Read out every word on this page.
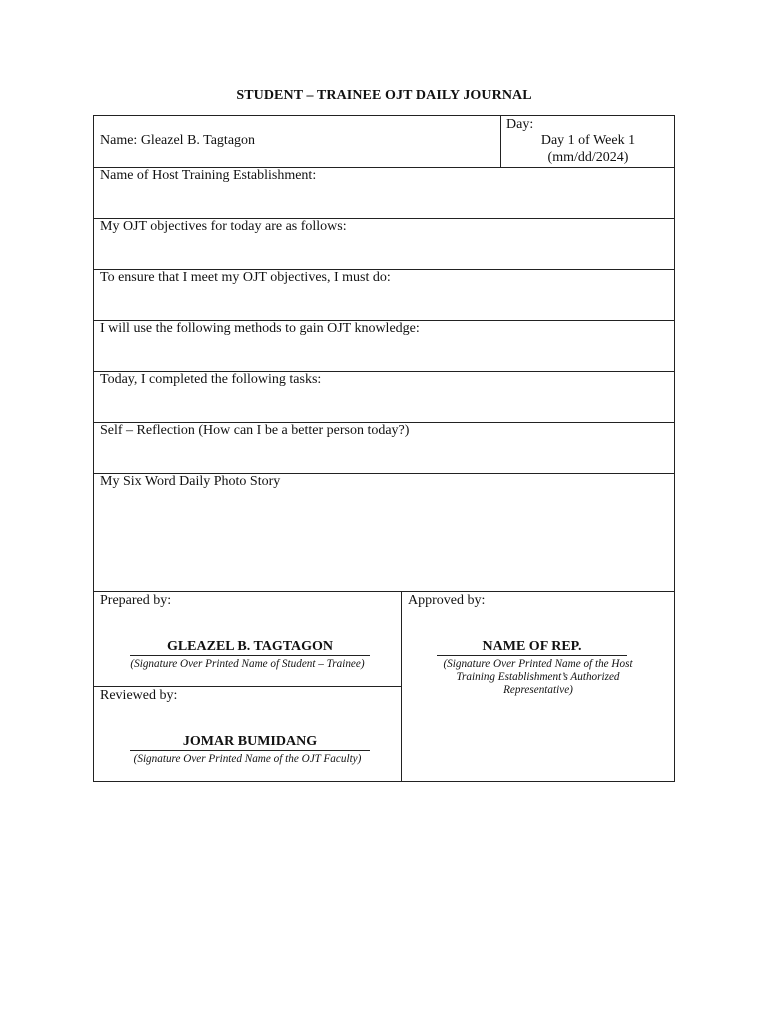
STUDENT – TRAINEE OJT DAILY JOURNAL
Name: Gleazel B. Tagtagon
Day:
Day 1 of Week 1
(mm/dd/2024)
Name of Host Training Establishment:
My OJT objectives for today are as follows:
To ensure that I meet my OJT objectives, I must do:
I will use the following methods to gain OJT knowledge:
Today, I completed the following tasks:
Self – Reflection (How can I be a better person today?)
My Six Word Daily Photo Story
Prepared by:
GLEAZEL B. TAGTAGON
(Signature Over Printed Name of Student – Trainee)
Reviewed by:
JOMAR BUMIDANG
(Signature Over Printed Name of the OJT Faculty)
Approved by:
NAME OF REP.
(Signature Over Printed Name of the Host
Training Establishment’s Authorized
Representative)
